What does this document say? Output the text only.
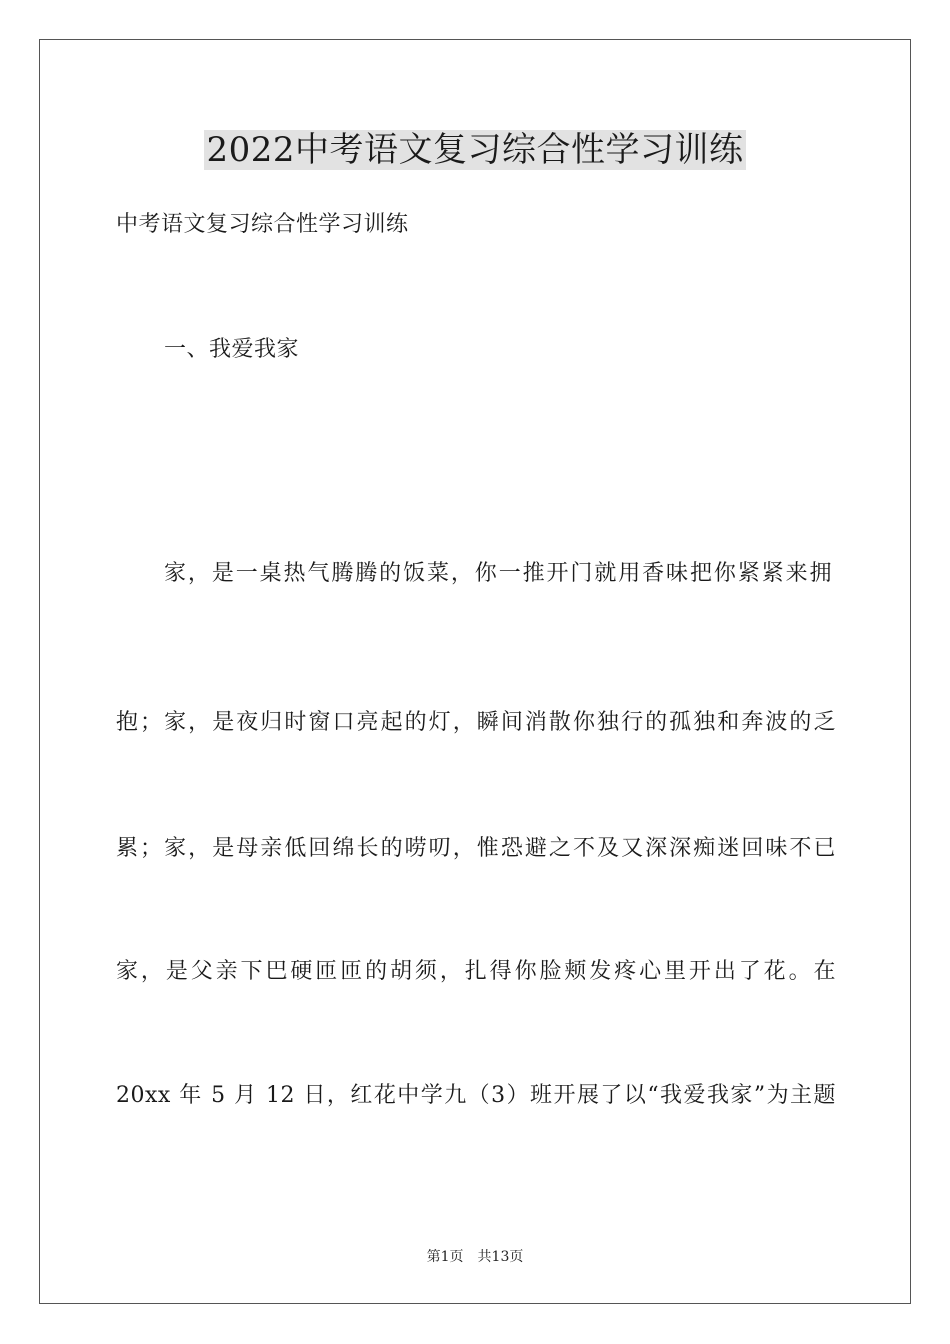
2022中考语文复习综合性学习训练
中考语文复习综合性学习训练
一、我爱我家
家，是一桌热气腾腾的饭菜，你一推开门就用香味把你紧紧来拥
抱；家，是夜归时窗口亮起的灯，瞬间消散你独行的孤独和奔波的乏
累；家，是母亲低回绵长的唠叨，惟恐避之不及又深深痴迷回味不已
家，是父亲下巴硬匝匝的胡须，扎得你脸颊发疼心里开出了花。在
20xx 年 5 月 12 日，红花中学九（3）班开展了以“我爱我家”为主题
第1页　共13页
